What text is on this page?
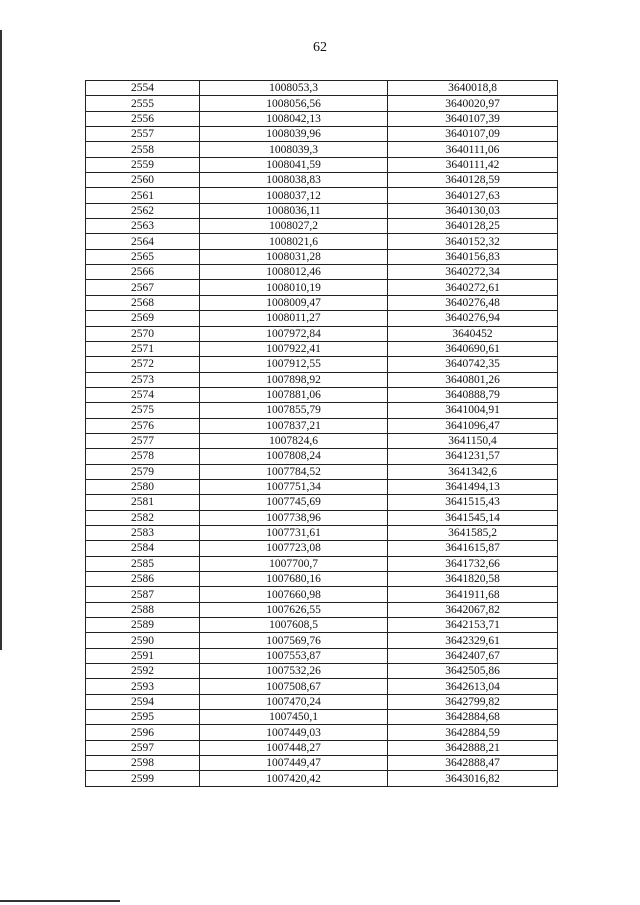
62
2554	1008053,3	3640018,8
2555	1008056,56	3640020,97
2556	1008042,13	3640107,39
2557	1008039,96	3640107,09
2558	1008039,3	3640111,06
2559	1008041,59	3640111,42
2560	1008038,83	3640128,59
2561	1008037,12	3640127,63
2562	1008036,11	3640130,03
2563	1008027,2	3640128,25
2564	1008021,6	3640152,32
2565	1008031,28	3640156,83
2566	1008012,46	3640272,34
2567	1008010,19	3640272,61
2568	1008009,47	3640276,48
2569	1008011,27	3640276,94
2570	1007972,84	3640452
2571	1007922,41	3640690,61
2572	1007912,55	3640742,35
2573	1007898,92	3640801,26
2574	1007881,06	3640888,79
2575	1007855,79	3641004,91
2576	1007837,21	3641096,47
2577	1007824,6	3641150,4
2578	1007808,24	3641231,57
2579	1007784,52	3641342,6
2580	1007751,34	3641494,13
2581	1007745,69	3641515,43
2582	1007738,96	3641545,14
2583	1007731,61	3641585,2
2584	1007723,08	3641615,87
2585	1007700,7	3641732,66
2586	1007680,16	3641820,58
2587	1007660,98	3641911,68
2588	1007626,55	3642067,82
2589	1007608,5	3642153,71
2590	1007569,76	3642329,61
2591	1007553,87	3642407,67
2592	1007532,26	3642505,86
2593	1007508,67	3642613,04
2594	1007470,24	3642799,82
2595	1007450,1	3642884,68
2596	1007449,03	3642884,59
2597	1007448,27	3642888,21
2598	1007449,47	3642888,47
2599	1007420,42	3643016,82
